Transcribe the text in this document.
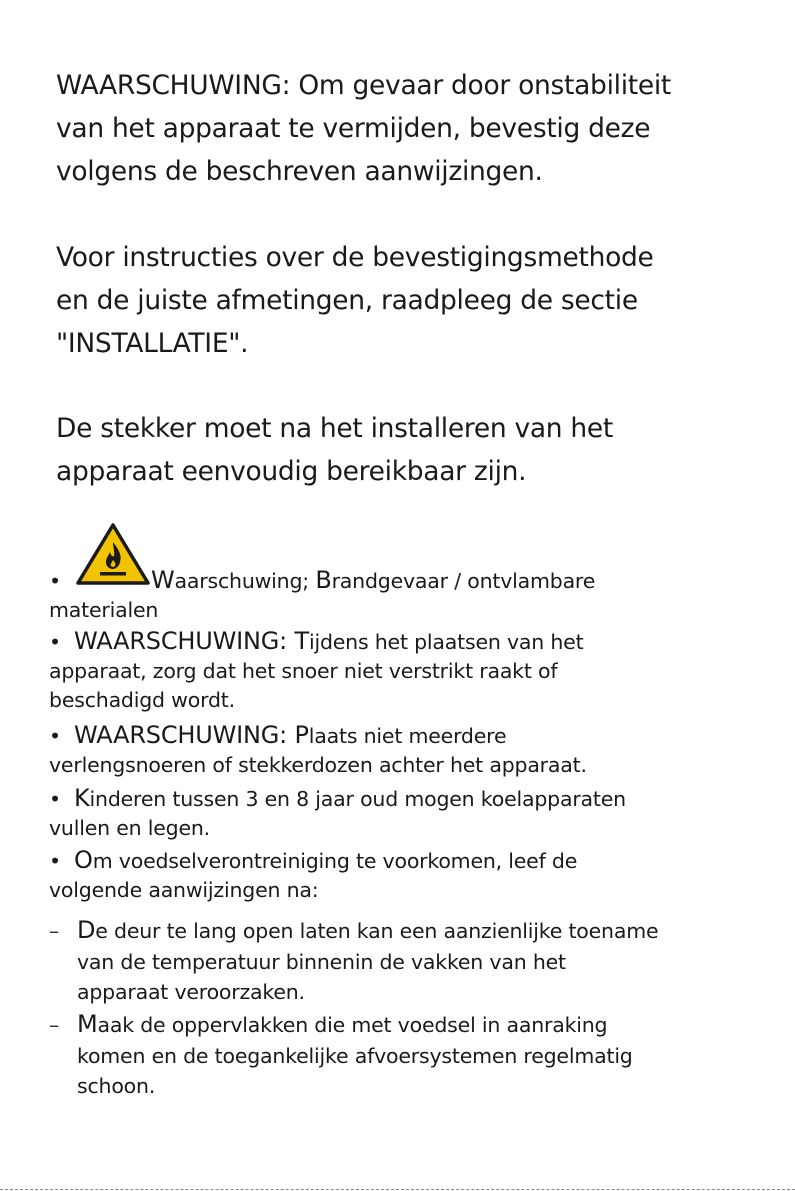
WAARSCHUWING: Om gevaar door onstabiliteit
van het apparaat te vermijden, bevestig deze
volgens de beschreven aanwijzingen.
Voor instructies over de bevestigingsmethode
en de juiste afmetingen, raadpleeg de sectie
"INSTALLATIE".
De stekker moet na het installeren van het
apparaat eenvoudig bereikbaar zijn.
•	Waarschuwing; Brandgevaar / ontvlambare
materialen
• WAARSCHUWING: Tijdens het plaatsen van het
apparaat, zorg dat het snoer niet verstrikt raakt of
beschadigd wordt.
• WAARSCHUWING: Plaats niet meerdere
verlengsnoeren of stekkerdozen achter het apparaat.
• Kinderen tussen 3 en 8 jaar oud mogen koelapparaten
vullen en legen.
• Om voedselverontreiniging te voorkomen, leef de
volgende aanwijzingen na:
– De deur te lang open laten kan een aanzienlijke toename
van de temperatuur binnenin de vakken van het
apparaat veroorzaken.
– Maak de oppervlakken die met voedsel in aanraking
komen en de toegankelijke afvoersystemen regelmatig
schoon.
